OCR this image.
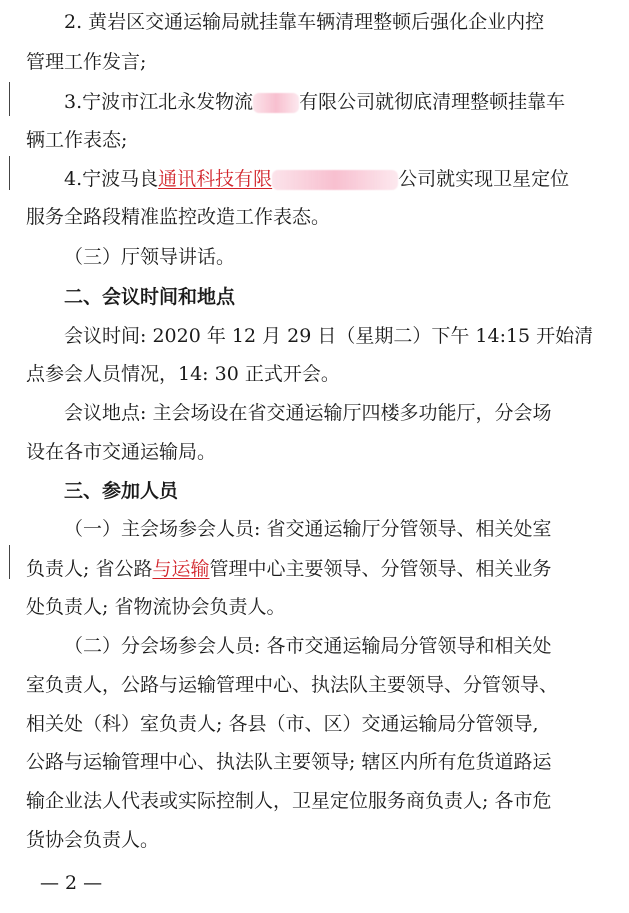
2. 黄岩区交通运输局就挂靠车辆清理整顿后强化企业内控
管理工作发言;
3.宁波市江北永发物流 有限公司就彻底清理整顿挂靠车
辆工作表态;
4.宁波马良通讯科技有限	公司就实现卫星定位
服务全路段精准监控改造工作表态。
（三）厅领导讲话。
二、会议时间和地点
会议时间: 2020 年 12 月 29 日（星期二）下午 14:15 开始清
点参会人员情况，14: 30 正式开会。
会议地点: 主会场设在省交通运输厅四楼多功能厅，分会场
设在各市交通运输局。
三、参加人员
（一）主会场参会人员: 省交通运输厅分管领导、相关处室
负责人; 省公路与运输管理中心主要领导、分管领导、相关业务
处负责人; 省物流协会负责人。
（二）分会场参会人员: 各市交通运输局分管领导和相关处
室负责人，公路与运输管理中心、执法队主要领导、分管领导、
相关处（科）室负责人; 各县（市、区）交通运输局分管领导,
公路与运输管理中心、执法队主要领导; 辖区内所有危货道路运
输企业法人代表或实际控制人，卫星定位服务商负责人; 各市危
货协会负责人。
— 2 —
